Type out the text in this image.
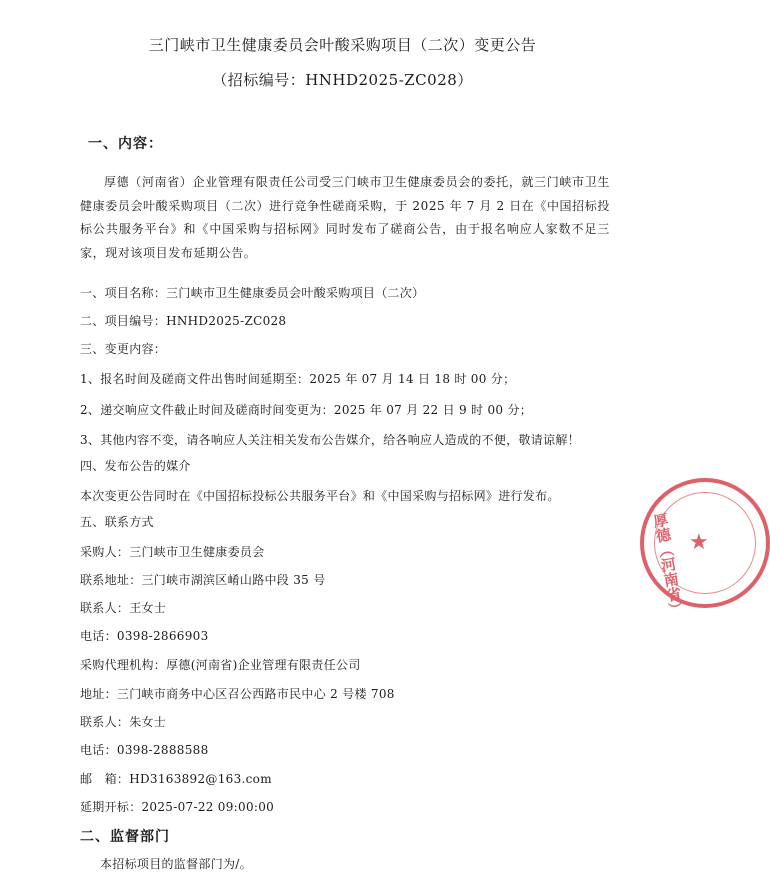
三门峡市卫生健康委员会叶酸采购项目（二次）变更公告
（招标编号：HNHD2025-ZC028）
一、内容：
厚德（河南省）企业管理有限责任公司受三门峡市卫生健康委员会的委托，就三门峡市卫生健康委员会叶酸采购项目（二次）进行竞争性磋商采购，于 2025 年 7 月 2 日在《中国招标投标公共服务平台》和《中国采购与招标网》同时发布了磋商公告，由于报名响应人家数不足三家，现对该项目发布延期公告。
一、项目名称：三门峡市卫生健康委员会叶酸采购项目（二次）
二、项目编号：HNHD2025-ZC028
三、变更内容：
1、报名时间及磋商文件出售时间延期至：2025 年 07 月 14 日 18 时 00 分；
2、递交响应文件截止时间及磋商时间变更为：2025 年 07 月 22 日 9 时 00 分；
3、其他内容不变，请各响应人关注相关发布公告媒介，给各响应人造成的不便，敬请谅解！
四、发布公告的媒介
本次变更公告同时在《中国招标投标公共服务平台》和《中国采购与招标网》进行发布。
五、联系方式
采购人：三门峡市卫生健康委员会
联系地址：三门峡市湖滨区崤山路中段 35 号
联系人：王女士
电话：0398-2866903
采购代理机构：厚德(河南省)企业管理有限责任公司
地址：三门峡市商务中心区召公西路市民中心 2 号楼 708
联系人：朱女士
电话：0398-2888588
邮　箱：HD3163892@163.com
延期开标：2025-07-22 09:00:00
二、监督部门
本招标项目的监督部门为/。
厚德（河南省） ★
